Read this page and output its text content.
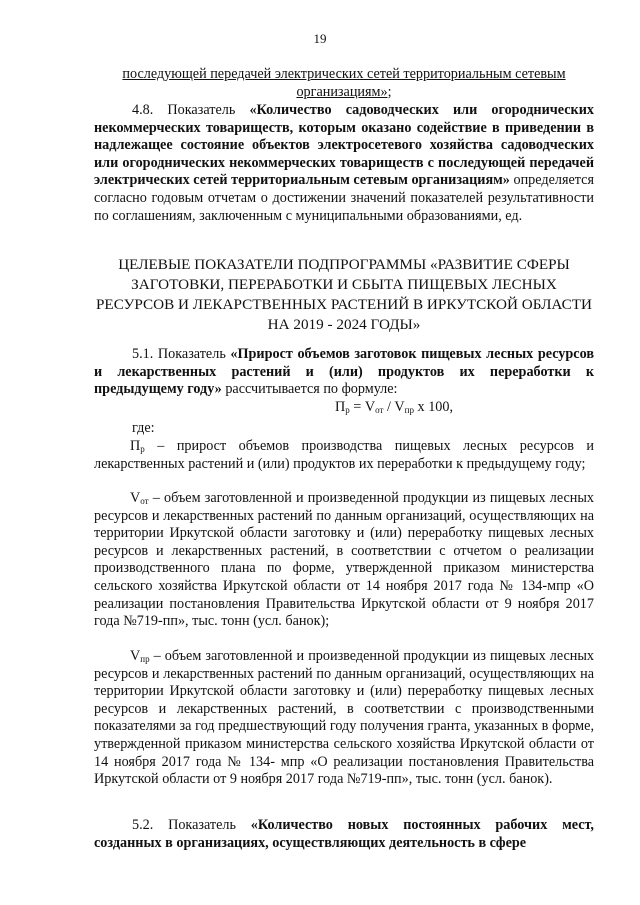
19

последующей передачей электрических сетей территориальным сетевым организациям»;

4.8. Показатель «Количество садоводческих или огороднических некоммерческих товариществ, которым оказано содействие в приведении в надлежащее состояние объектов электросетевого хозяйства садоводческих или огороднических некоммерческих товариществ с последующей передачей электрических сетей территориальным сетевым организациям» определяется согласно годовым отчетам о достижении значений показателей результативности по соглашениям, заключенным с муниципальными образованиями, ед.

ЦЕЛЕВЫЕ ПОКАЗАТЕЛИ ПОДПРОГРАММЫ «РАЗВИТИЕ СФЕРЫ ЗАГОТОВКИ, ПЕРЕРАБОТКИ И СБЫТА ПИЩЕВЫХ ЛЕСНЫХ РЕСУРСОВ И ЛЕКАРСТВЕННЫХ РАСТЕНИЙ В ИРКУТСКОЙ ОБЛАСТИ НА 2019 - 2024 ГОДЫ»

5.1. Показатель «Прирост объемов заготовок пищевых лесных ресурсов и лекарственных растений и (или) продуктов их переработки к предыдущему году» рассчитывается по формуле:

$П_р = V_{от} / V_{пр}$ x 100,

где:

$П_р$ – прирост объемов производства пищевых лесных ресурсов и лекарственных растений и (или) продуктов их переработки к предыдущему году;

$V_{от}$ – объем заготовленной и произведенной продукции из пищевых лесных ресурсов и лекарственных растений по данным организаций, осуществляющих на территории Иркутской области заготовку и (или) переработку пищевых лесных ресурсов и лекарственных растений, в соответствии с отчетом о реализации производственного плана по форме, утвержденной приказом министерства сельского хозяйства Иркутской области от 14 ноября 2017 года № 134-мпр «О реализации постановления Правительства Иркутской области от 9 ноября 2017 года №719-пп», тыс. тонн (усл. банок);

$V_{пр}$ – объем заготовленной и произведенной продукции из пищевых лесных ресурсов и лекарственных растений по данным организаций, осуществляющих на территории Иркутской области заготовку и (или) переработку пищевых лесных ресурсов и лекарственных растений, в соответствии с производственными показателями за год предшествующий году получения гранта, указанных в форме, утвержденной приказом министерства сельского хозяйства Иркутской области от 14 ноября 2017 года № 134- мпр «О реализации постановления Правительства Иркутской области от 9 ноября 2017 года №719-пп», тыс. тонн (усл. банок).

5.2. Показатель «Количество новых постоянных рабочих мест, созданных в организациях, осуществляющих деятельность в сфере
